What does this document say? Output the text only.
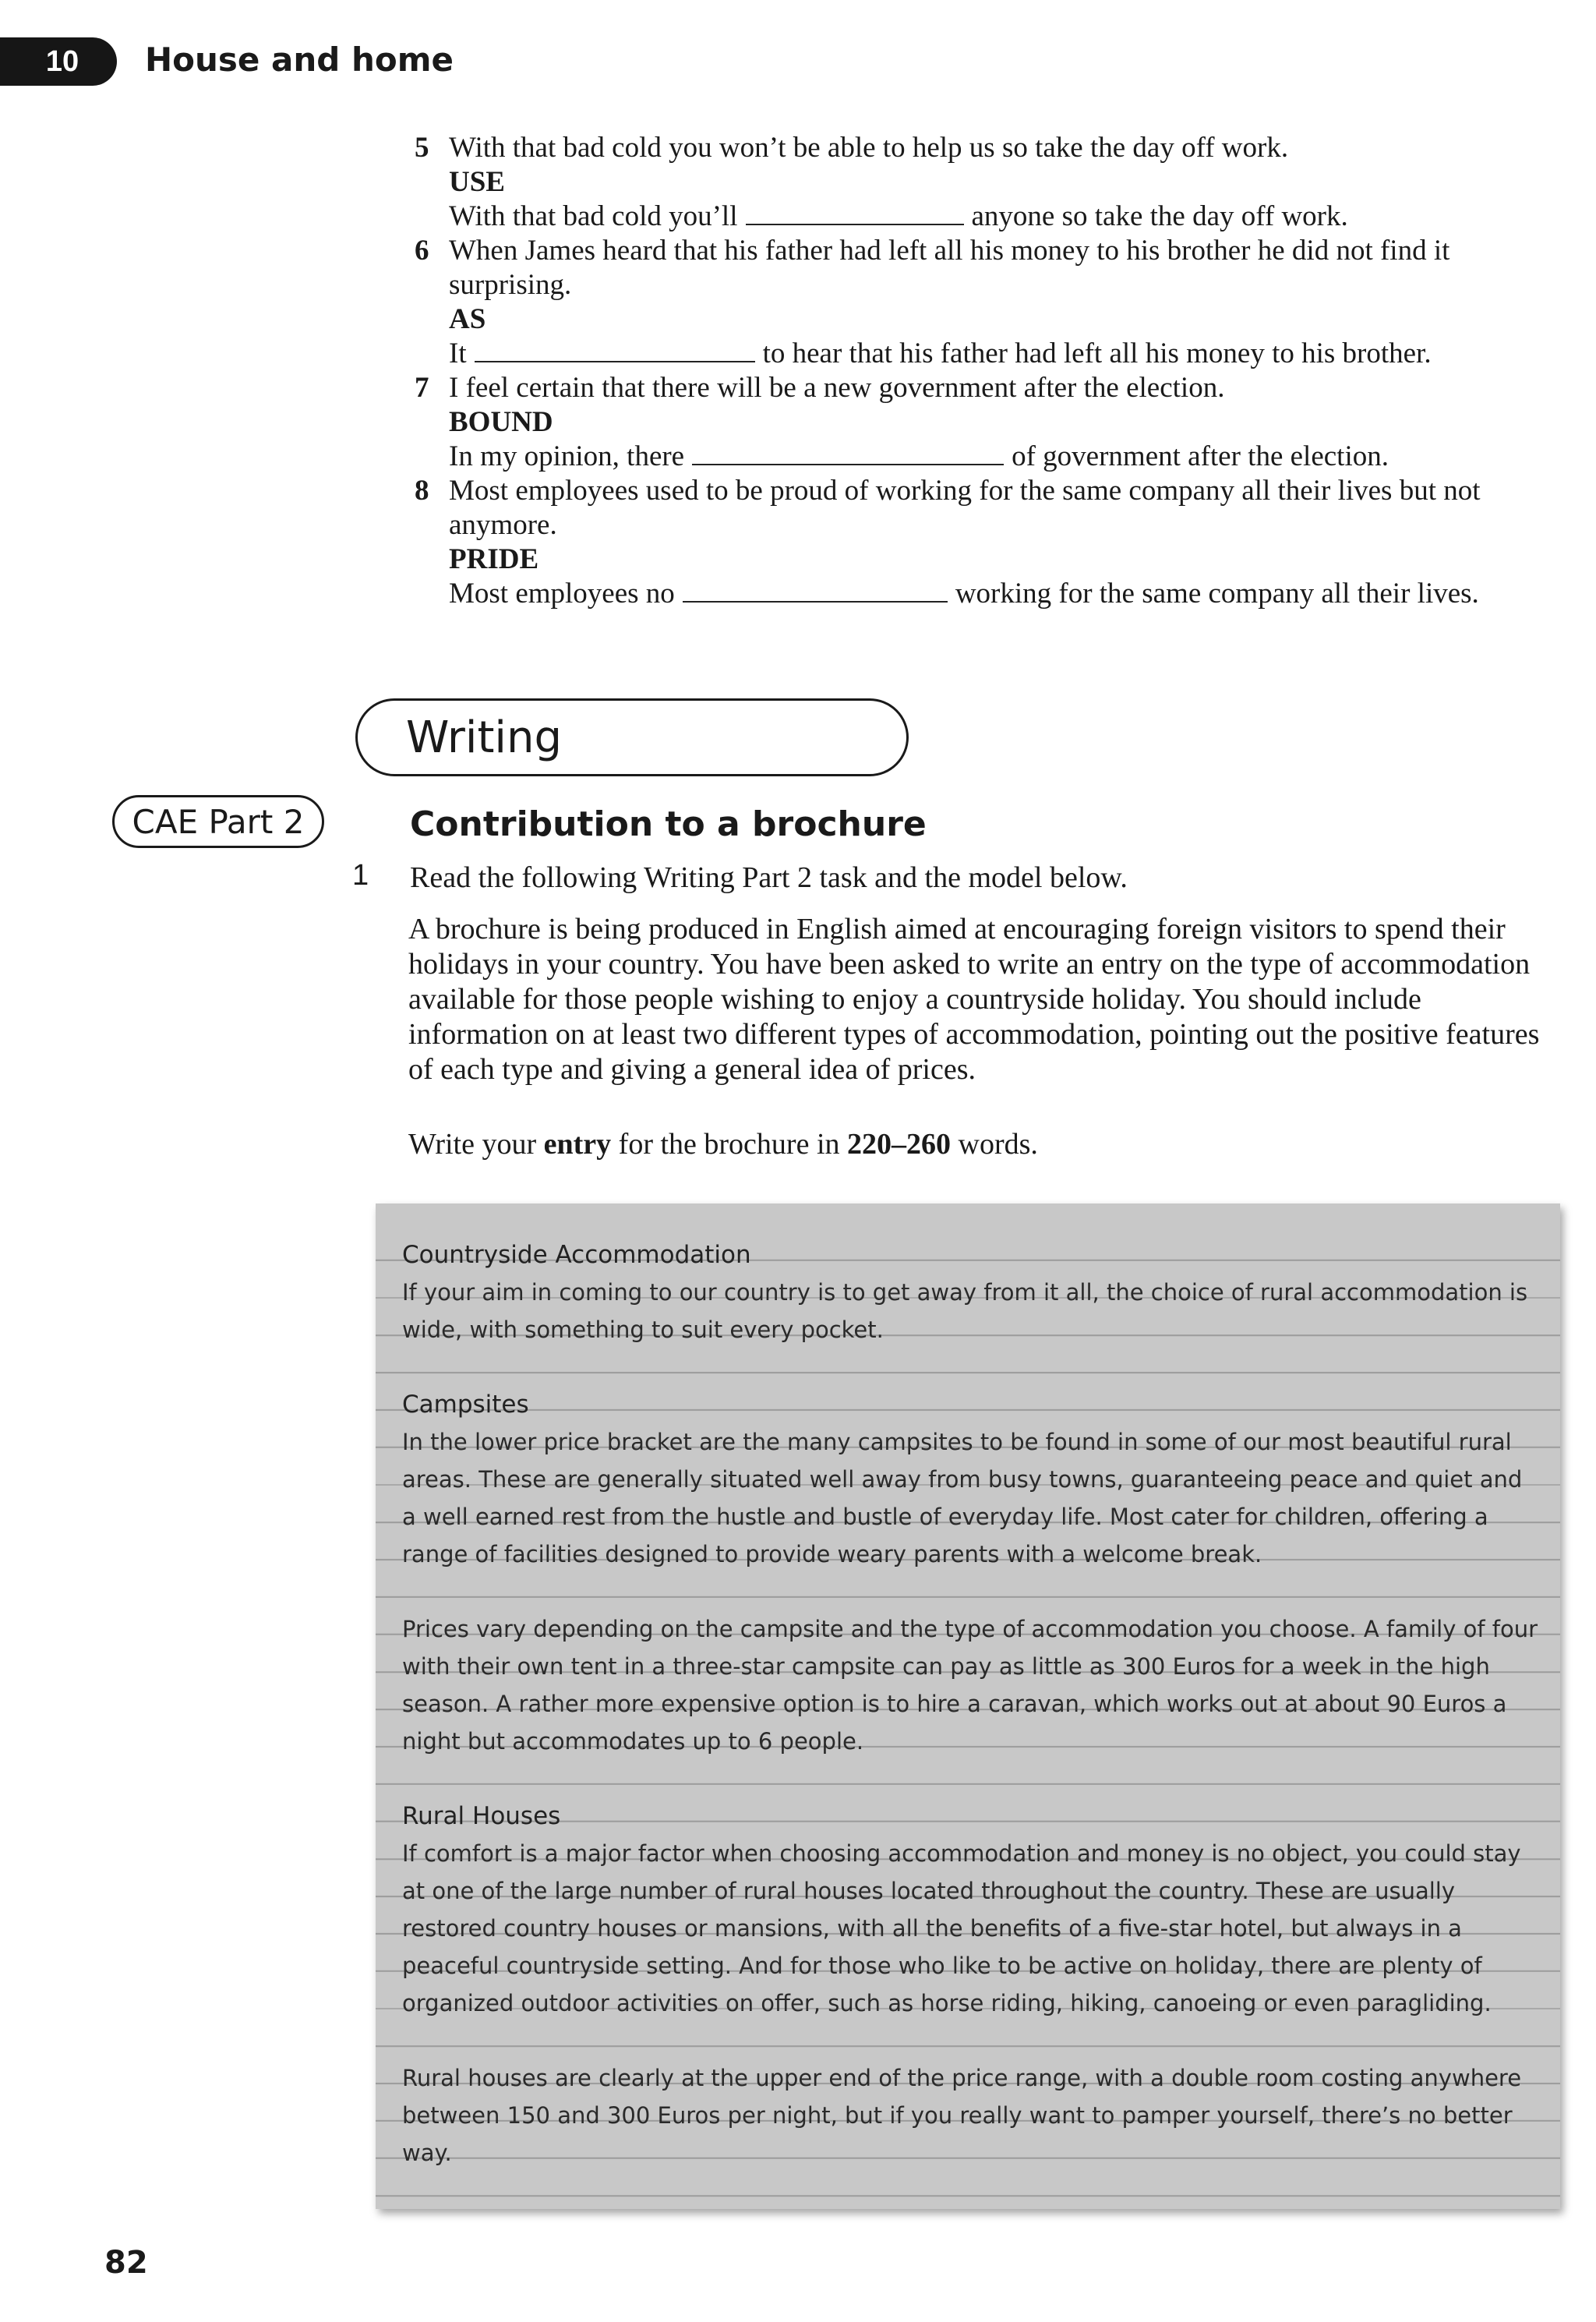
10 House and home
5 With that bad cold you won’t be able to help us so take the day off work.
USE
With that bad cold you’ll	anyone so take the day off work.
6 When James heard that his father had left all his money to his brother he did not find it surprising.
AS
It	to hear that his father had left all his money to his brother.
7 I feel certain that there will be a new government after the election.
BOUND
In my opinion, there	of government after the election.
8 Most employees used to be proud of working for the same company all their lives but not anymore.
PRIDE
Most employees no	working for the same company all their lives.
Writing
CAE Part 2	Contribution to a brochure
1 Read the following Writing Part 2 task and the model below.
A brochure is being produced in English aimed at encouraging foreign visitors to spend their holidays in your country. You have been asked to write an entry on the type of accommodation available for those people wishing to enjoy a countryside holiday. You should include information on at least two different types of accommodation, pointing out the positive features of each type and giving a general idea of prices.
Write your entry for the brochure in 220–260 words.
Countryside Accommodation
If your aim in coming to our country is to get away from it all, the choice of rural accommodation is wide, with something to suit every pocket.
Campsites
In the lower price bracket are the many campsites to be found in some of our most beautiful rural areas. These are generally situated well away from busy towns, guaranteeing peace and quiet and a well earned rest from the hustle and bustle of everyday life. Most cater for children, offering a range of facilities designed to provide weary parents with a welcome break.
Prices vary depending on the campsite and the type of accommodation you choose. A family of four with their own tent in a three-star campsite can pay as little as 300 Euros for a week in the high season. A rather more expensive option is to hire a caravan, which works out at about 90 Euros a night but accommodates up to 6 people.
Rural Houses
If comfort is a major factor when choosing accommodation and money is no object, you could stay at one of the large number of rural houses located throughout the country. These are usually restored country houses or mansions, with all the benefits of a five-star hotel, but always in a peaceful countryside setting. And for those who like to be active on holiday, there are plenty of organized outdoor activities on offer, such as horse riding, hiking, canoeing or even paragliding.
Rural houses are clearly at the upper end of the price range, with a double room costing anywhere between 150 and 300 Euros per night, but if you really want to pamper yourself, there’s no better way.
82
